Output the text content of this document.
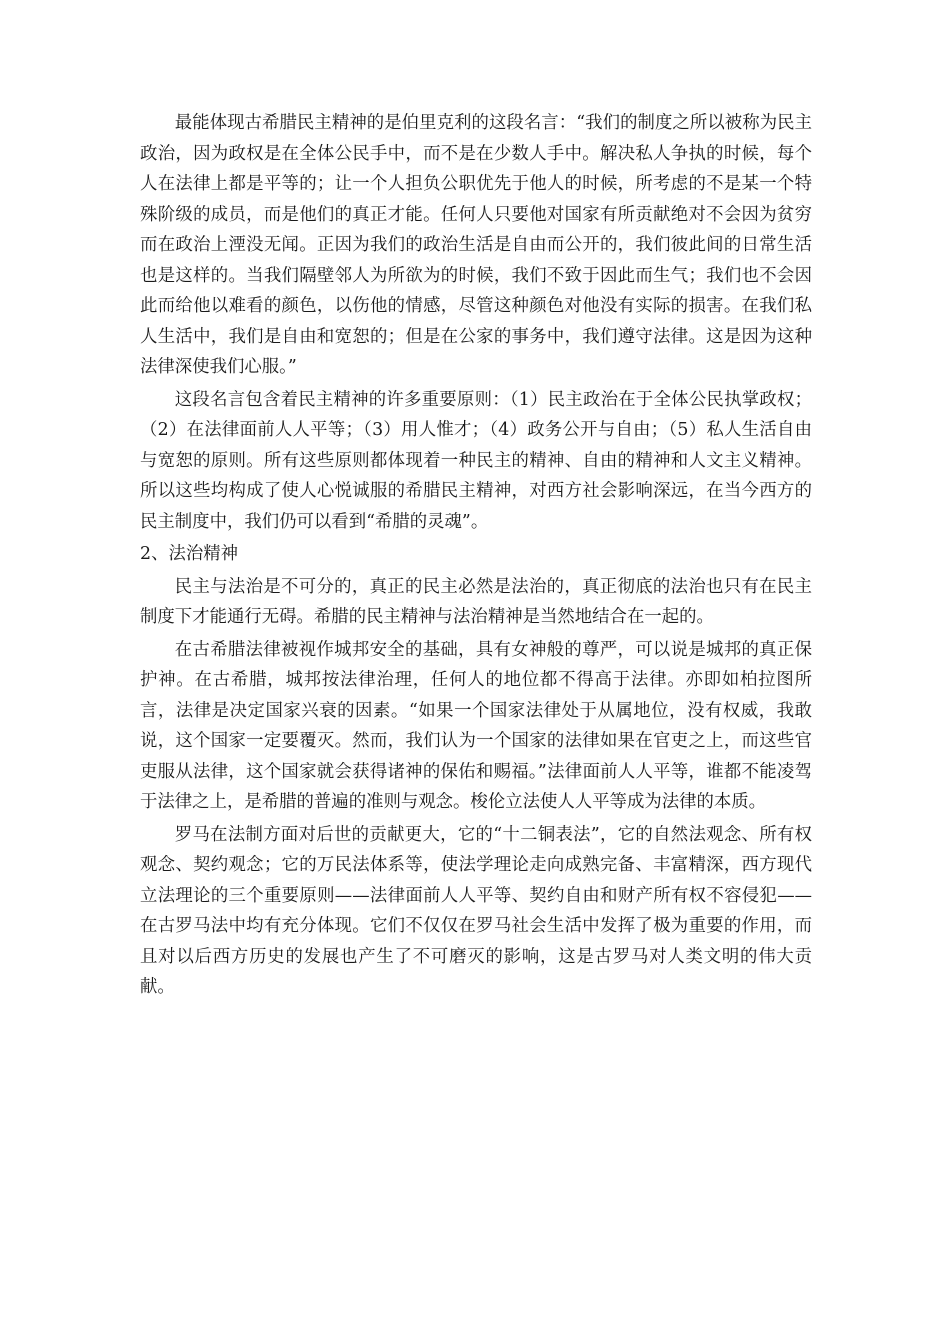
最能体现古希腊民主精神的是伯里克利的这段名言：“我们的制度之所以被称为民主政治，因为政权是在全体公民手中，而不是在少数人手中。解决私人争执的时候，每个人在法律上都是平等的；让一个人担负公职优先于他人的时候，所考虑的不是某一个特殊阶级的成员，而是他们的真正才能。任何人只要他对国家有所贡献绝对不会因为贫穷而在政治上湮没无闻。正因为我们的政治生活是自由而公开的，我们彼此间的日常生活也是这样的。当我们隔壁邻人为所欲为的时候，我们不致于因此而生气；我们也不会因此而给他以难看的颜色，以伤他的情感，尽管这种颜色对他没有实际的损害。在我们私人生活中，我们是自由和宽恕的；但是在公家的事务中，我们遵守法律。这是因为这种法律深使我们心服。”

这段名言包含着民主精神的许多重要原则：（1）民主政治在于全体公民执掌政权；（2）在法律面前人人平等；（3）用人惟才；（4）政务公开与自由；（5）私人生活自由与宽恕的原则。所有这些原则都体现着一种民主的精神、自由的精神和人文主义精神。所以这些均构成了使人心悦诚服的希腊民主精神，对西方社会影响深远，在当今西方的民主制度中，我们仍可以看到“希腊的灵魂”。

2、法治精神

民主与法治是不可分的，真正的民主必然是法治的，真正彻底的法治也只有在民主制度下才能通行无碍。希腊的民主精神与法治精神是当然地结合在一起的。

在古希腊法律被视作城邦安全的基础，具有女神般的尊严，可以说是城邦的真正保护神。在古希腊，城邦按法律治理，任何人的地位都不得高于法律。亦即如柏拉图所言，法律是决定国家兴衰的因素。“如果一个国家法律处于从属地位，没有权威，我敢说，这个国家一定要覆灭。然而，我们认为一个国家的法律如果在官吏之上，而这些官吏服从法律，这个国家就会获得诸神的保佑和赐福。”法律面前人人平等，谁都不能凌驾于法律之上，是希腊的普遍的准则与观念。梭伦立法使人人平等成为法律的本质。

罗马在法制方面对后世的贡献更大，它的“十二铜表法”，它的自然法观念、所有权观念、契约观念；它的万民法体系等，使法学理论走向成熟完备、丰富精深，西方现代立法理论的三个重要原则——法律面前人人平等、契约自由和财产所有权不容侵犯——在古罗马法中均有充分体现。它们不仅仅在罗马社会生活中发挥了极为重要的作用，而且对以后西方历史的发展也产生了不可磨灭的影响，这是古罗马对人类文明的伟大贡献。
